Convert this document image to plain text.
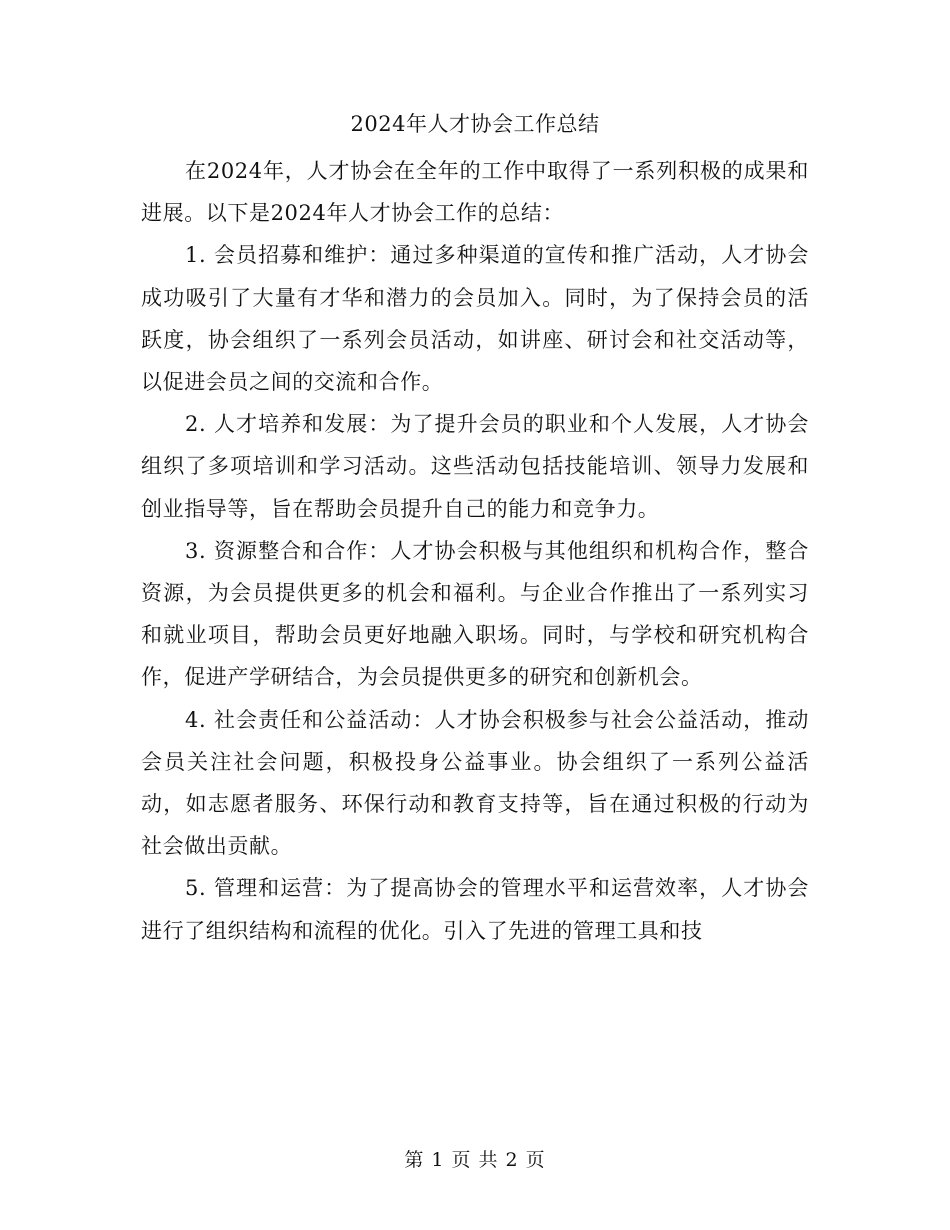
2024年人才协会工作总结

在2024年，人才协会在全年的工作中取得了一系列积极的成果和进展。以下是2024年人才协会工作的总结：

1. 会员招募和维护：通过多种渠道的宣传和推广活动，人才协会成功吸引了大量有才华和潜力的会员加入。同时，为了保持会员的活跃度，协会组织了一系列会员活动，如讲座、研讨会和社交活动等，以促进会员之间的交流和合作。

2. 人才培养和发展：为了提升会员的职业和个人发展，人才协会组织了多项培训和学习活动。这些活动包括技能培训、领导力发展和创业指导等，旨在帮助会员提升自己的能力和竞争力。

3. 资源整合和合作：人才协会积极与其他组织和机构合作，整合资源，为会员提供更多的机会和福利。与企业合作推出了一系列实习和就业项目，帮助会员更好地融入职场。同时，与学校和研究机构合作，促进产学研结合，为会员提供更多的研究和创新机会。

4. 社会责任和公益活动：人才协会积极参与社会公益活动，推动会员关注社会问题，积极投身公益事业。协会组织了一系列公益活动，如志愿者服务、环保行动和教育支持等，旨在通过积极的行动为社会做出贡献。

5. 管理和运营：为了提高协会的管理水平和运营效率，人才协会进行了组织结构和流程的优化。引入了先进的管理工具和技

第 1 页 共 2 页
